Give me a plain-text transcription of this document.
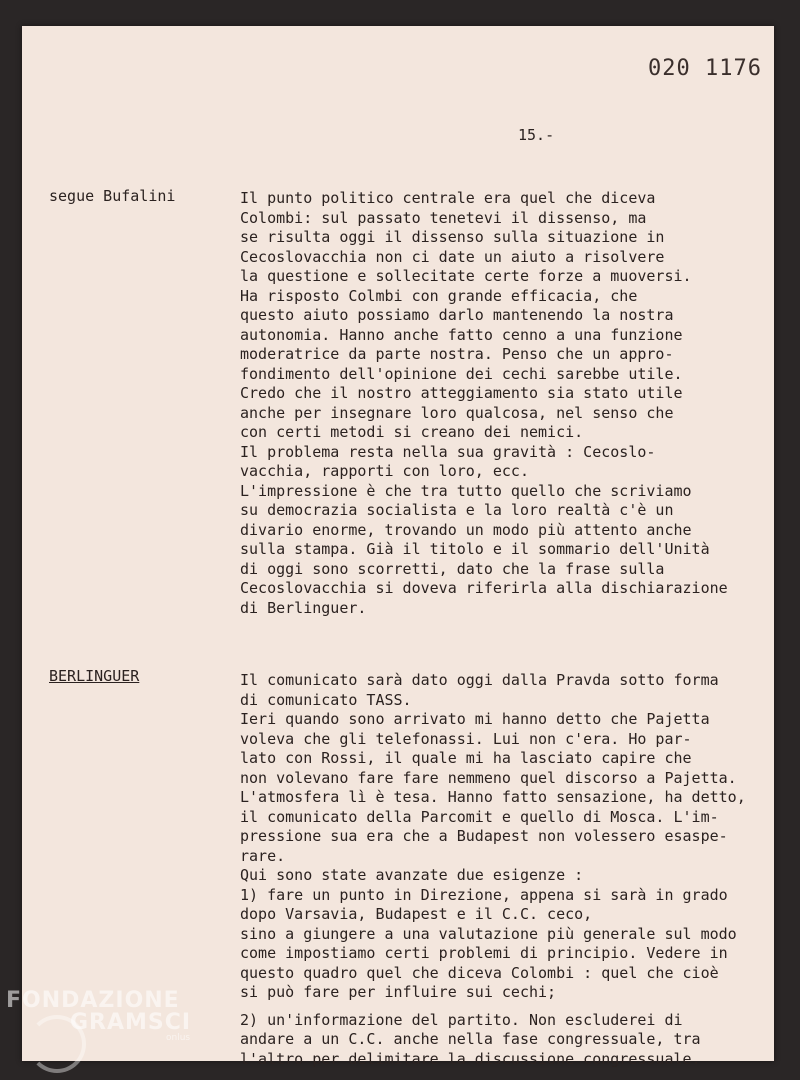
020 1176
15.-
segue Bufalini	Il punto politico centrale era quel che diceva
Colombi: sul passato tenetevi il dissenso, ma
se risulta oggi il dissenso sulla situazione in
Cecoslovacchia non ci date un aiuto a risolvere
la questione e sollecitate certe forze a muoversi.
Ha risposto Colmbi con grande efficacia, che
questo aiuto possiamo darlo mantenendo la nostra
autonomia. Hanno anche fatto cenno a una funzione
moderatrice da parte nostra. Penso che un appro-
fondimento dell'opinione dei cechi sarebbe utile.
Credo che il nostro atteggiamento sia stato utile
anche per insegnare loro qualcosa, nel senso che
con certi metodi si creano dei nemici.
Il problema resta nella sua gravità : Cecoslo-
vacchia, rapporti con loro, ecc.
L'impressione è che tra tutto quello che scriviamo
su democrazia socialista e la loro realtà c'è un
divario enorme, trovando un modo più attento anche
sulla stampa. Già il titolo e il sommario dell'Unità
di oggi sono scorretti, dato che la frase sulla
Cecoslovacchia si doveva riferirla alla dischiarazione
di Berlinguer.
BERLINGUER	Il comunicato sarà dato oggi dalla Pravda sotto forma
di comunicato TASS.
Ieri quando sono arrivato mi hanno detto che Pajetta
voleva che gli telefonassi. Lui non c'era. Ho par-
lato con Rossi, il quale mi ha lasciato capire che
non volevano fare fare nemmeno quel discorso a Pajetta.
L'atmosfera lì è tesa. Hanno fatto sensazione, ha detto,
il comunicato della Parcomit e quello di Mosca. L'im-
pressione sua era che a Budapest non volessero esaspe-
rare.
Qui sono state avanzate due esigenze :
1) fare un punto in Direzione, appena si sarà in grado
dopo Varsavia, Budapest e il C.C. ceco,
sino a giungere a una valutazione più generale sul modo
come impostiamo certi problemi di principio. Vedere in
questo quadro quel che diceva Colombi : quel che cioè
si può fare per influire sui cechi;
2) un'informazione del partito. Non escluderei di
andare a un C.C. anche nella fase congressuale, tra
l'altro per delimitare la discussione congressuale.
FONDAZIONE
GRAMSCI
onlus
